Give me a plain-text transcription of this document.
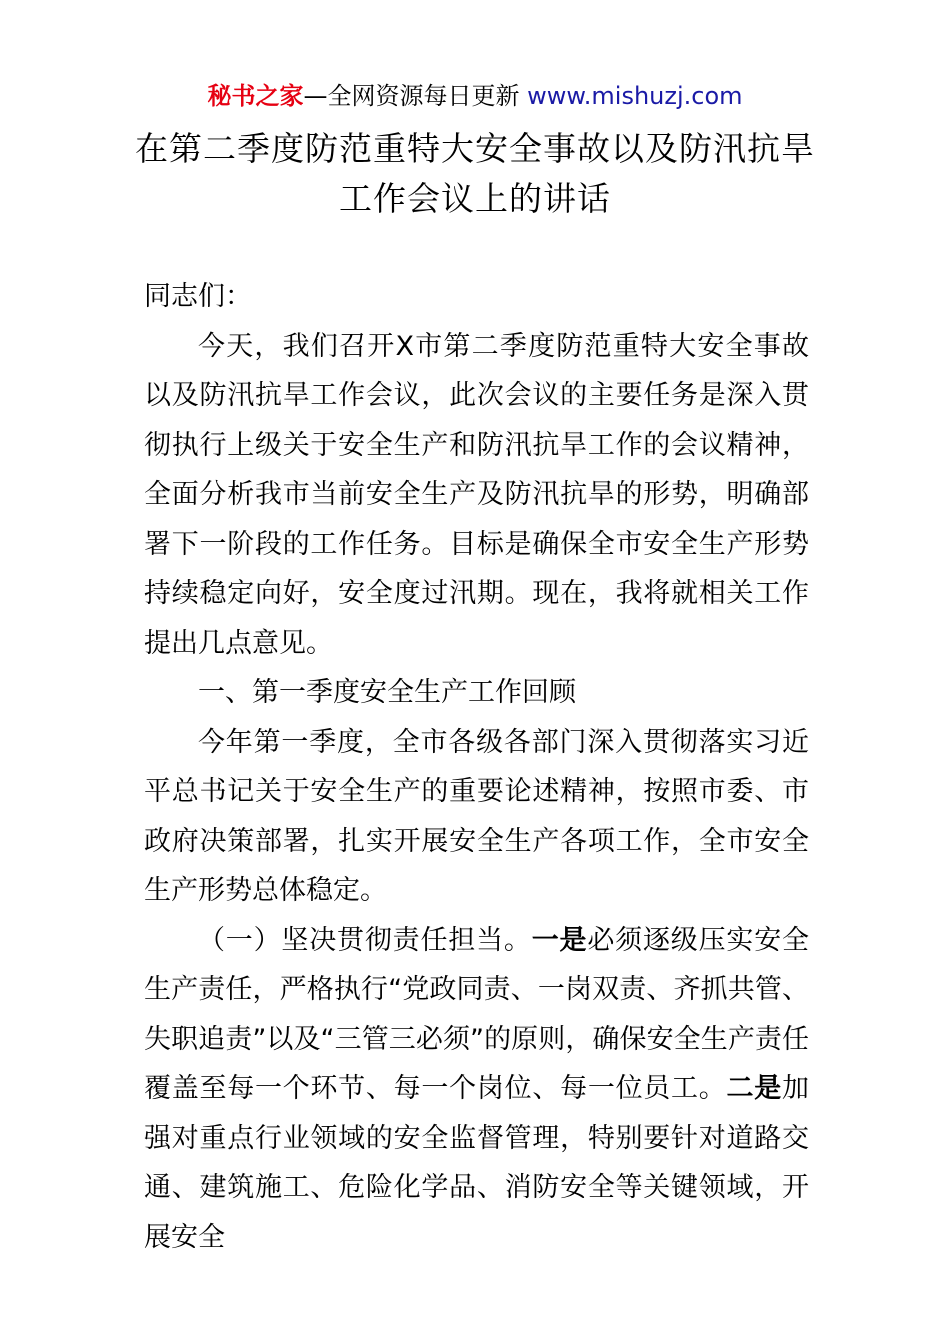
秘书之家—全网资源每日更新 www.mishuzj.com
在第二季度防范重特大安全事故以及防汛抗旱
工作会议上的讲话

同志们：

今天，我们召开X市第二季度防范重特大安全事故以及防汛抗旱工作会议，此次会议的主要任务是深入贯彻执行上级关于安全生产和防汛抗旱工作的会议精神，全面分析我市当前安全生产及防汛抗旱的形势，明确部署下一阶段的工作任务。目标是确保全市安全生产形势持续稳定向好，安全度过汛期。现在，我将就相关工作提出几点意见。

一、第一季度安全生产工作回顾

今年第一季度，全市各级各部门深入贯彻落实习近平总书记关于安全生产的重要论述精神，按照市委、市政府决策部署，扎实开展安全生产各项工作，全市安全生产形势总体稳定。

（一）坚决贯彻责任担当。一是必须逐级压实安全生产责任，严格执行“党政同责、一岗双责、齐抓共管、失职追责”以及“三管三必须”的原则，确保安全生产责任覆盖至每一个环节、每一个岗位、每一位员工。二是加强对重点行业领域的安全监督管理，特别要针对道路交通、建筑施工、危险化学品、消防安全等关键领域，开展安全
